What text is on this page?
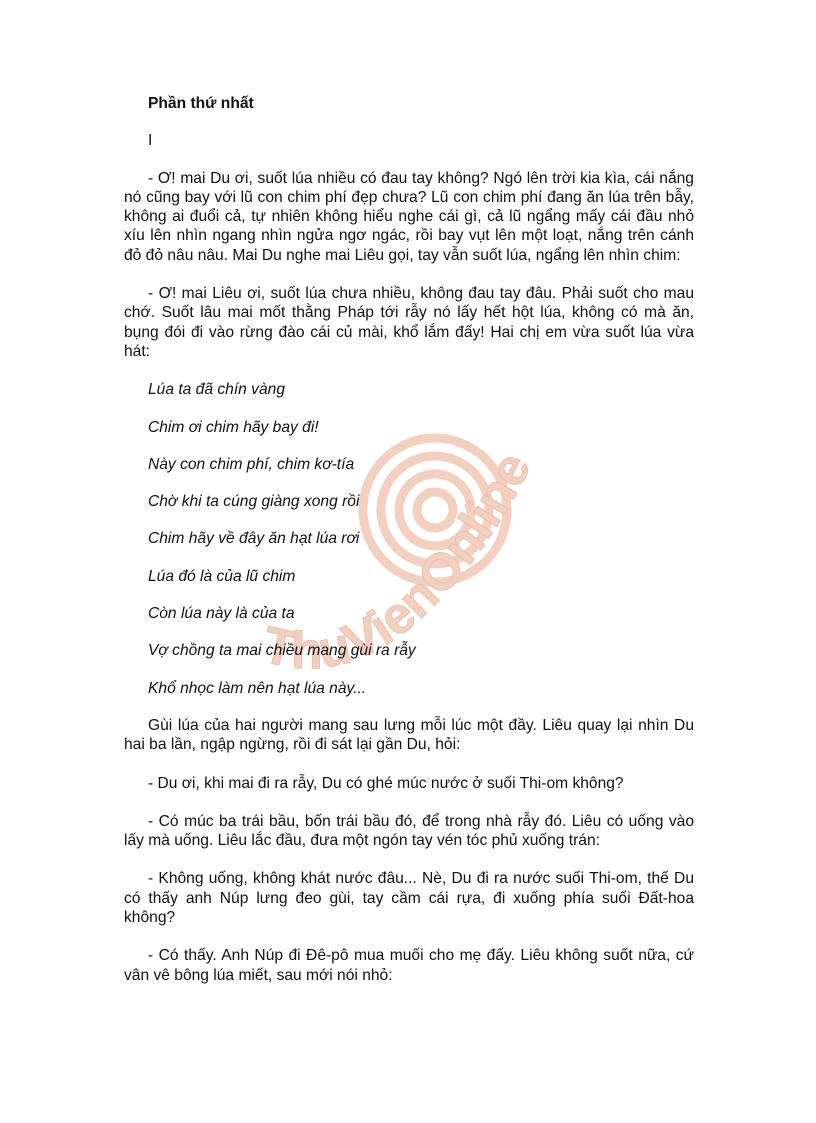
ThuVienOnline

Phần thứ nhất

I

- Ơ! mai Du ơi, suốt lúa nhiều có đau tay không? Ngó lên trời kia kìa, cái nắng nó cũng bay với lũ con chim phí đẹp chưa? Lũ con chim phí đang ăn lúa trên bẫy, không ai đuổi cả, tự nhiên không hiểu nghe cái gì, cả lũ ngẩng mấy cái đầu nhỏ xíu lên nhìn ngang nhìn ngửa ngơ ngác, rồi bay vụt lên một loạt, nắng trên cánh đỏ đỏ nâu nâu. Mai Du nghe mai Liêu gọi, tay vẫn suốt lúa, ngẩng lên nhìn chim:

- Ơ! mai Liêu ơi, suốt lúa chưa nhiều, không đau tay đâu. Phải suốt cho mau chớ. Suốt lâu mai mốt thằng Pháp tới rẫy nó lấy hết hột lúa, không có mà ăn, bụng đói đi vào rừng đào cái củ mài, khổ lắm đấy! Hai chị em vừa suốt lúa vừa hát:

Lúa ta đã chín vàng

Chim ơi chim hãy bay đi!

Này con chim phí, chim kơ-tía

Chờ khi ta cúng giàng xong rồi

Chim hãy về đây ăn hạt lúa rơi

Lúa đó là của lũ chim

Còn lúa này là của ta

Vợ chồng ta mai chiều mang gùi ra rẫy

Khổ nhọc làm nên hạt lúa này...

Gùi lúa của hai người mang sau lưng mỗi lúc một đầy. Liêu quay lại nhìn Du hai ba lần, ngập ngừng, rồi đi sát lại gần Du, hỏi:

- Du ơi, khi mai đi ra rẫy, Du có ghé múc nước ở suối Thi-om không?

- Có múc ba trái bầu, bốn trái bầu đó, để trong nhà rẫy đó. Liêu có uống vào lấy mà uống. Liêu lắc đầu, đưa một ngón tay vén tóc phủ xuống trán:

- Không uống, không khát nước đâu... Nè, Du đi ra nước suối Thi-om, thế Du có thấy anh Núp lưng đeo gùi, tay cầm cái rựa, đi xuống phía suối Đất-hoa không?

- Có thấy. Anh Núp đi Đê-pô mua muối cho mẹ đấy. Liêu không suốt nữa, cứ vân vê bông lúa miết, sau mới nói nhỏ:
